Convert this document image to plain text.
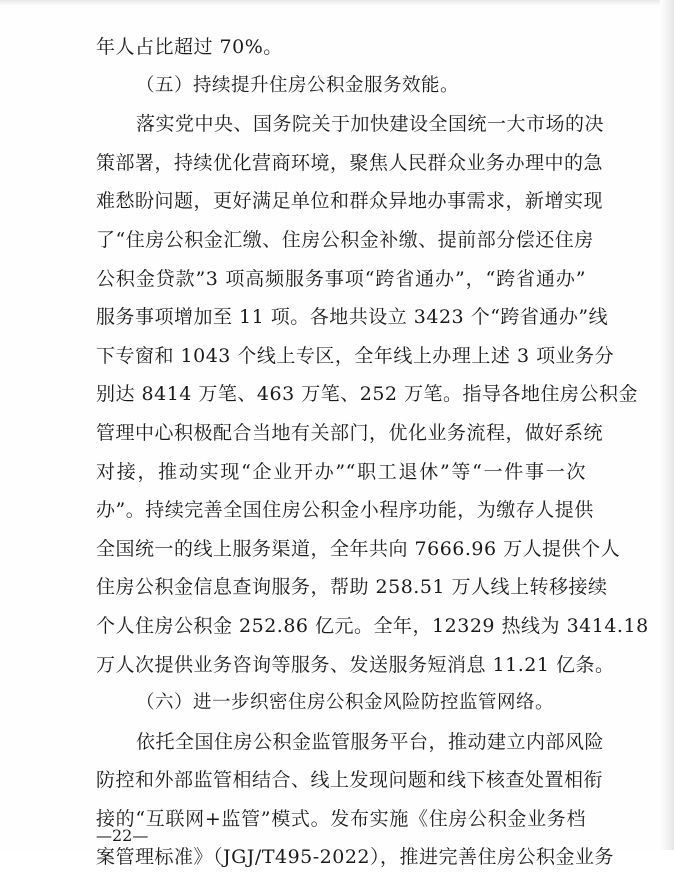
年人占比超过 70%。
（五）持续提升住房公积金服务效能。
落实党中央、国务院关于加快建设全国统一大市场的决
策部署，持续优化营商环境，聚焦人民群众业务办理中的急
难愁盼问题，更好满足单位和群众异地办事需求，新增实现
了“住房公积金汇缴、住房公积金补缴、提前部分偿还住房
公积金贷款”3 项高频服务事项“跨省通办”，“跨省通办”
服务事项增加至 11 项。各地共设立 3423 个“跨省通办”线
下专窗和 1043 个线上专区，全年线上办理上述 3 项业务分
别达 8414 万笔、463 万笔、252 万笔。指导各地住房公积金
管理中心积极配合当地有关部门，优化业务流程，做好系统
对接，推动实现“企业开办”“职工退休”等“一件事一次
办”。持续完善全国住房公积金小程序功能，为缴存人提供
全国统一的线上服务渠道，全年共向 7666.96 万人提供个人
住房公积金信息查询服务，帮助 258.51 万人线上转移接续
个人住房公积金 252.86 亿元。全年，12329 热线为 3414.18
万人次提供业务咨询等服务、发送服务短消息 11.21 亿条。
（六）进一步织密住房公积金风险防控监管网络。
依托全国住房公积金监管服务平台，推动建立内部风险
防控和外部监管相结合、线上发现问题和线下核查处置相衔
接的“互联网+监管”模式。发布实施《住房公积金业务档
案管理标准》（JGJ/T495-2022），推进完善住房公积金业务
—22—
